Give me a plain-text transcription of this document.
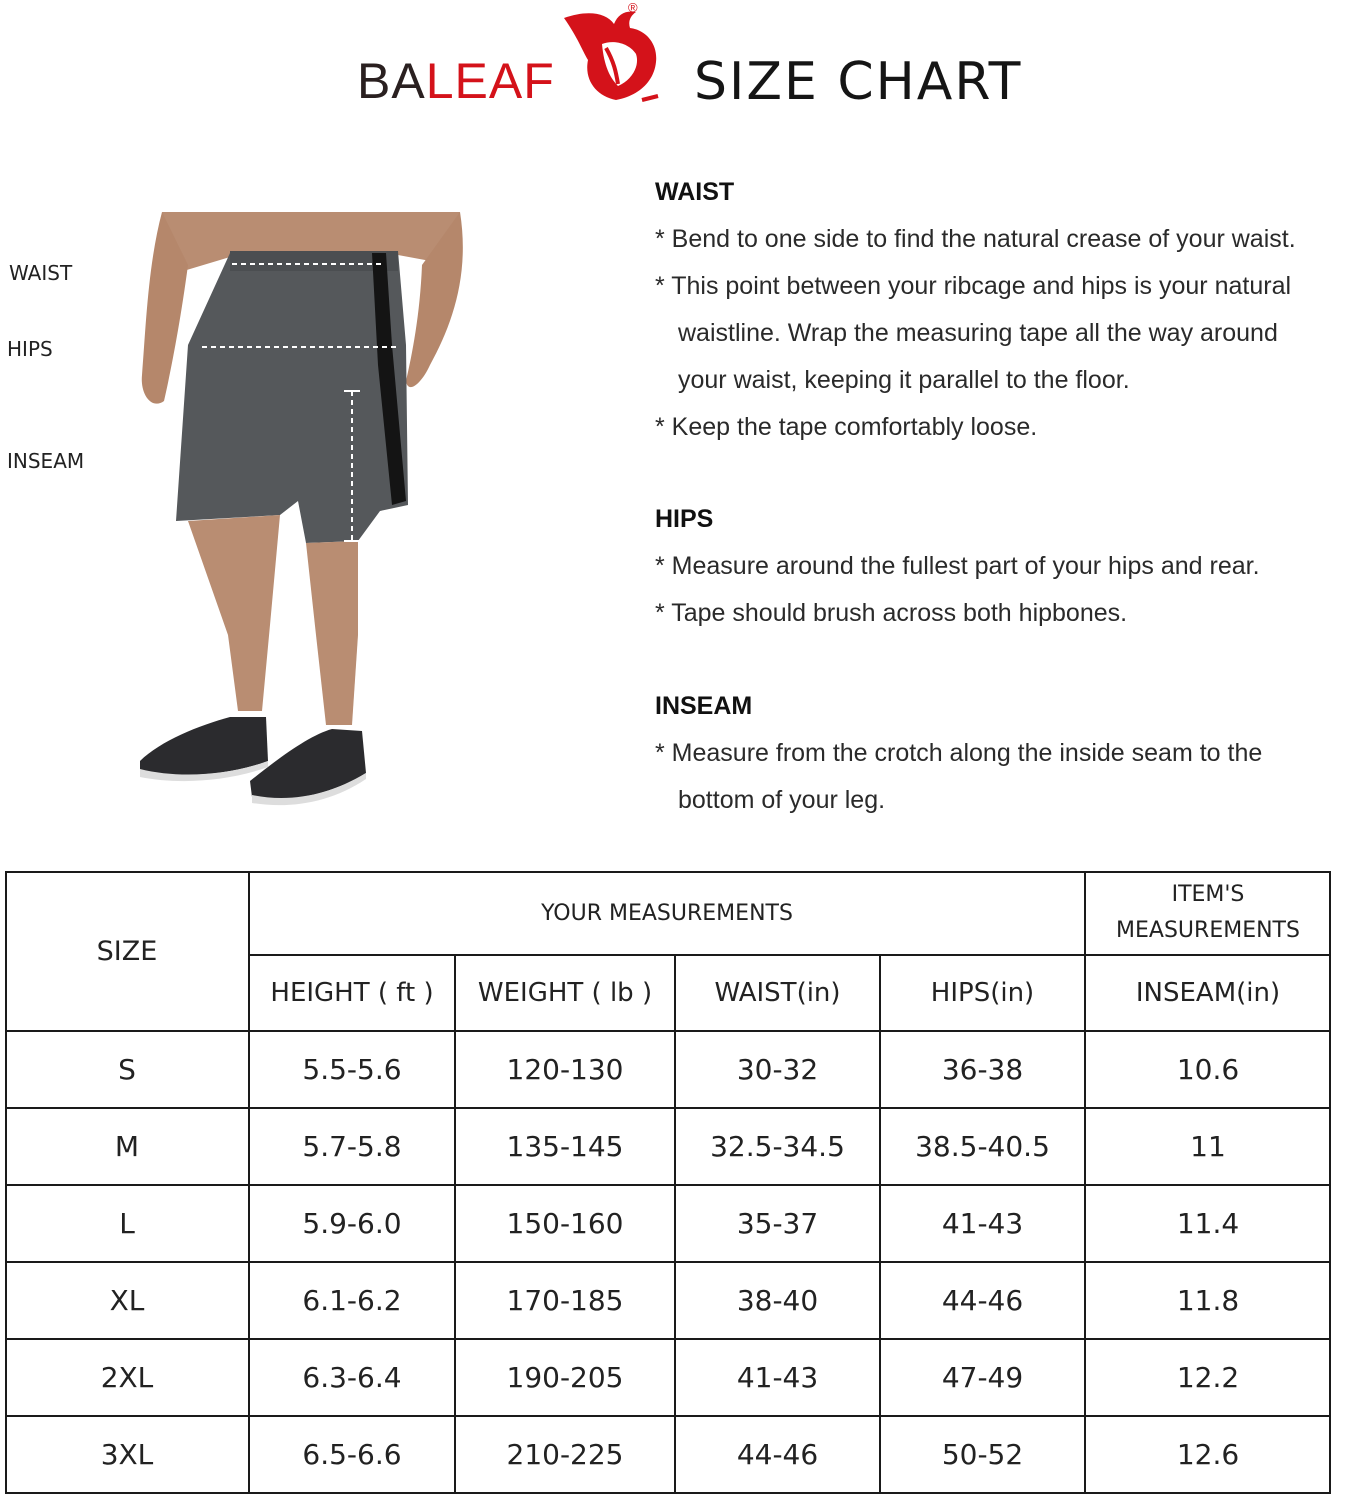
BALEAF
®
SIZE CHART
WAIST
HIPS
INSEAM
WAIST
* Bend to one side to find the natural crease of your waist.
* This point between your ribcage and hips is your natural
waistline. Wrap the measuring tape all the way around
your waist, keeping it parallel to the floor.
* Keep the tape comfortably loose.
HIPS
* Measure around the fullest part of your hips and rear.
* Tape should brush across both hipbones.
INSEAM
* Measure from the crotch along the inside seam to the
bottom of your leg.
SIZE
YOUR MEASUREMENTS
ITEM'S
MEASUREMENTS
HEIGHT ( ft )	WEIGHT ( lb )	WAIST(in)	HIPS(in)	INSEAM(in)
S	5.5-5.6	120-130	30-32	36-38	10.6
M	5.7-5.8	135-145	32.5-34.5	38.5-40.5	11
L	5.9-6.0	150-160	35-37	41-43	11.4
XL	6.1-6.2	170-185	38-40	44-46	11.8
2XL	6.3-6.4	190-205	41-43	47-49	12.2
3XL	6.5-6.6	210-225	44-46	50-52	12.6
